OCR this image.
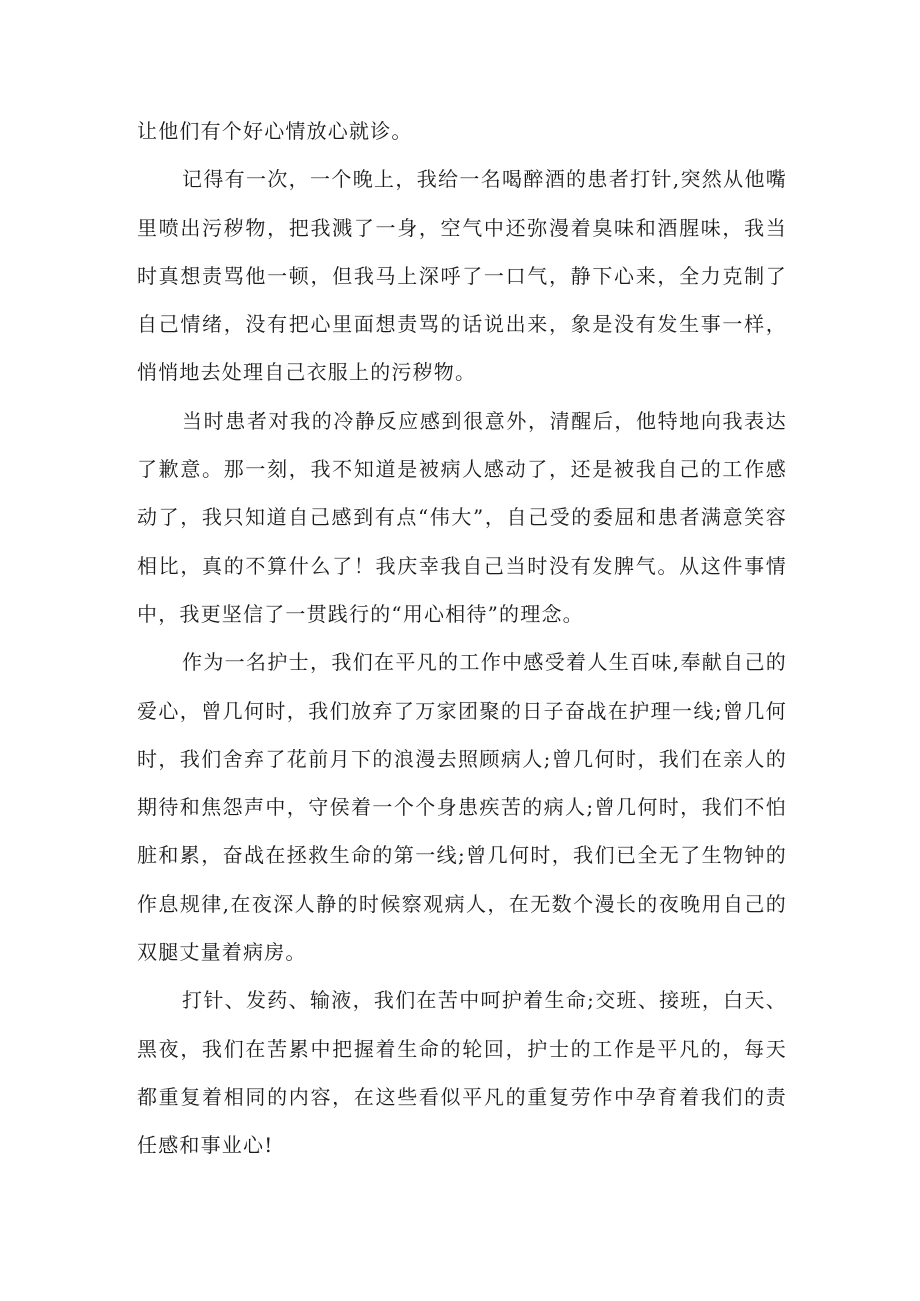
让他们有个好心情放心就诊。

记得有一次，一个晚上，我给一名喝醉酒的患者打针,突然从他嘴里喷出污秽物，把我溅了一身，空气中还弥漫着臭味和酒腥味，我当时真想责骂他一顿，但我马上深呼了一口气，静下心来，全力克制了自己情绪，没有把心里面想责骂的话说出来，象是没有发生事一样，悄悄地去处理自己衣服上的污秽物。

当时患者对我的冷静反应感到很意外，清醒后，他特地向我表达了歉意。那一刻，我不知道是被病人感动了，还是被我自己的工作感动了，我只知道自己感到有点“伟大”，自己受的委屈和患者满意笑容相比，真的不算什么了！我庆幸我自己当时没有发脾气。从这件事情中，我更坚信了一贯践行的“用心相待”的理念。

作为一名护士，我们在平凡的工作中感受着人生百味,奉献自己的爱心，曾几何时，我们放弃了万家团聚的日子奋战在护理一线;曾几何时，我们舍弃了花前月下的浪漫去照顾病人;曾几何时，我们在亲人的期待和焦怨声中，守侯着一个个身患疾苦的病人;曾几何时，我们不怕脏和累，奋战在拯救生命的第一线;曾几何时，我们已全无了生物钟的作息规律,在夜深人静的时候察观病人，在无数个漫长的夜晚用自己的双腿丈量着病房。

打针、发药、输液，我们在苦中呵护着生命;交班、接班，白天、黑夜，我们在苦累中把握着生命的轮回，护士的工作是平凡的，每天都重复着相同的内容，在这些看似平凡的重复劳作中孕育着我们的责任感和事业心!
